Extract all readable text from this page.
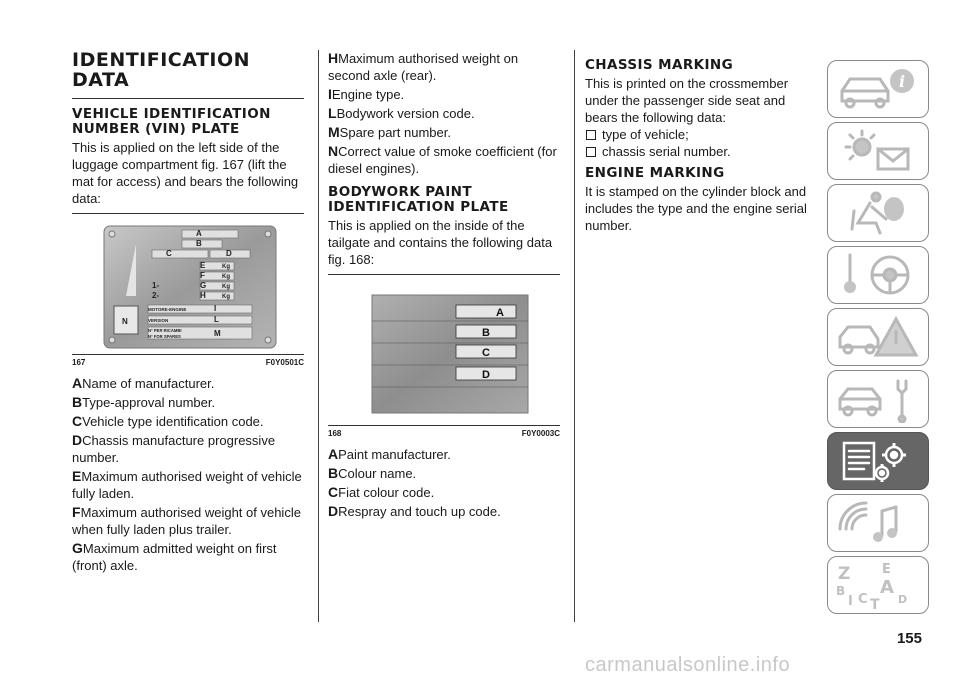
IDENTIFICATION DATA
VEHICLE IDENTIFICATION NUMBER (VIN) PLATE

This is applied on the left side of the luggage compartment fig. 167 (lift the mat for access) and bears the following data:

A
B
C	D
E
F
G
H
Kg
Kg
Kg
Kg
1-
2-
MOTORE-ENGINE
VERSION
N° PER RICAMBI
N° FOR SPARES
I
L
M
N
167	F0Y0501C
AName of manufacturer.
BType-approval number.
CVehicle type identification code.
DChassis manufacture progressive number.
EMaximum authorised weight of vehicle fully laden.
FMaximum authorised weight of vehicle when fully laden plus trailer.
GMaximum admitted weight on first (front) axle.
HMaximum authorised weight on second axle (rear).
IEngine type.
LBodywork version code.
MSpare part number.
NCorrect value of smoke coefficient (for diesel engines).
BODYWORK PAINT IDENTIFICATION PLATE

This is applied on the inside of the tailgate and contains the following data fig. 168:

A
B
C
D
168	F0Y0003C
APaint manufacturer.
BColour name.
CFiat colour code.
DRespray and touch up code.
CHASSIS MARKING

This is printed on the crossmember under the passenger side seat and bears the following data:

type of vehicle;
chassis serial number.
ENGINE MARKING

It is stamped on the cylinder block and includes the type and the engine serial number.

i
Z E
B A
I C T D
155
carmanualsonline.info
